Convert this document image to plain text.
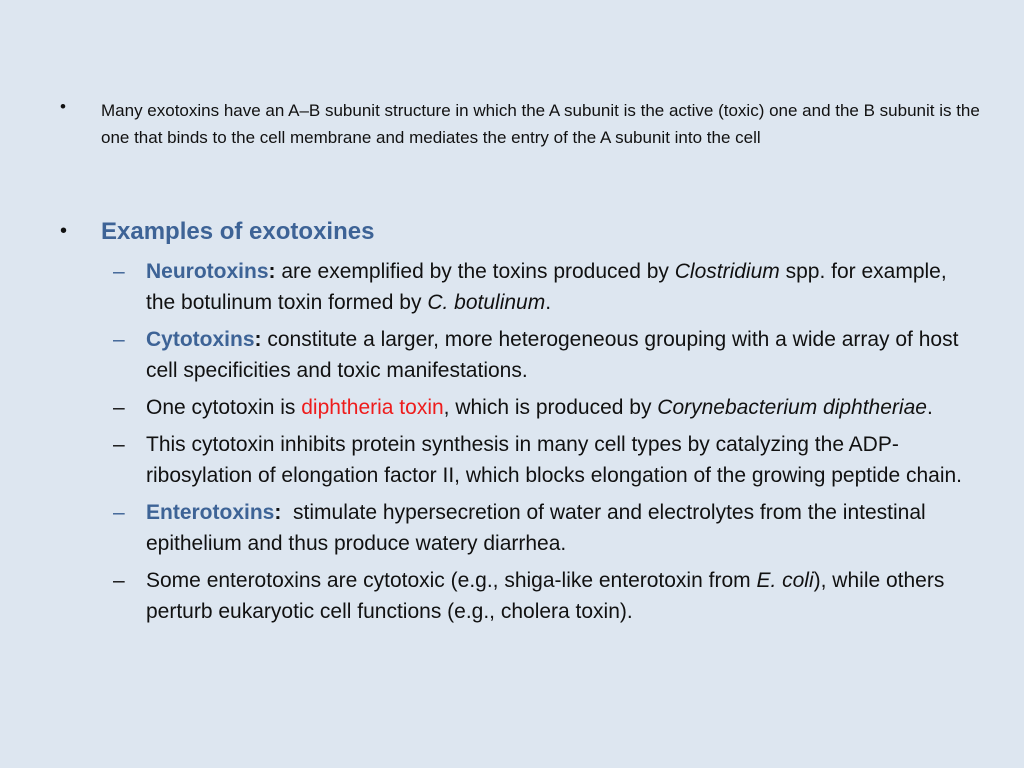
• Many exotoxins have an A–B subunit structure in which the A subunit is the active (toxic) one and the B subunit is the one that binds to the cell membrane and mediates the entry of the A subunit into the cell
• Examples of exotoxines
– Neurotoxins: are exemplified by the toxins produced by Clostridium spp. for example, the botulinum toxin formed by C. botulinum.
– Cytotoxins: constitute a larger, more heterogeneous grouping with a wide array of host cell specificities and toxic manifestations.
– One cytotoxin is diphtheria toxin, which is produced by Corynebacterium diphtheriae.
– This cytotoxin inhibits protein synthesis in many cell types by catalyzing the ADP-ribosylation of elongation factor II, which blocks elongation of the growing peptide chain.
– Enterotoxins:  stimulate hypersecretion of water and electrolytes from the intestinal epithelium and thus produce watery diarrhea.
– Some enterotoxins are cytotoxic (e.g., shiga-like enterotoxin from E. coli), while others perturb eukaryotic cell functions (e.g., cholera toxin).
